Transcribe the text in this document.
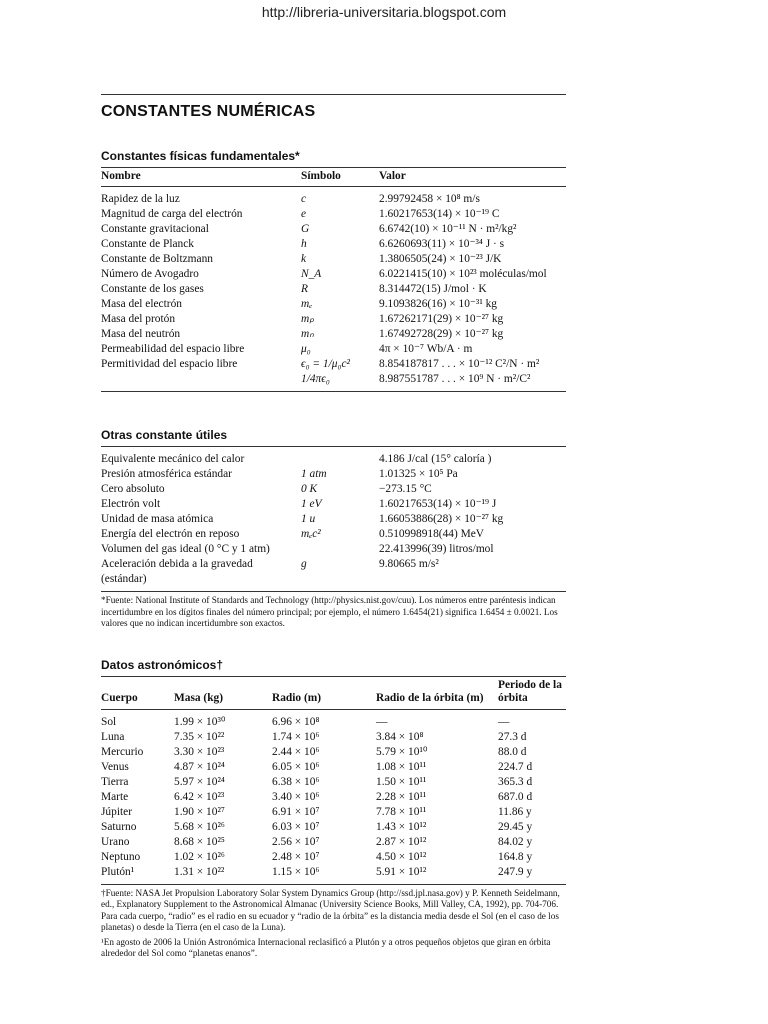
http://libreria-universitaria.blogspot.com
CONSTANTES NUMÉRICAS
Constantes físicas fundamentales*
Nombre	Símbolo	Valor
Rapidez de la luz	c	2.99792458 × 10⁸ m/s
Magnitud de carga del electrón	e	1.60217653(14) × 10⁻¹⁹ C
Constante gravitacional	G	6.6742(10) × 10⁻¹¹ N · m²/kg²
Constante de Planck	h	6.6260693(11) × 10⁻³⁴ J · s
Constante de Boltzmann	k	1.3806505(24) × 10⁻²³ J/K
Número de Avogadro	N_A	6.0221415(10) × 10²³ moléculas/mol
Constante de los gases	R	8.314472(15) J/mol · K
Masa del electrón	mₑ	9.1093826(16) × 10⁻³¹ kg
Masa del protón	mₚ	1.67262171(29) × 10⁻²⁷ kg
Masa del neutrón	mₙ	1.67492728(29) × 10⁻²⁷ kg
Permeabilidad del espacio libre	μ₀	4π × 10⁻⁷ Wb/A · m
Permitividad del espacio libre	ϵ₀ = 1/μ₀c²	8.854187817 . . . × 10⁻¹² C²/N · m²
	1/4πϵ₀	8.987551787 . . . × 10⁹ N · m²/C²
Otras constante útiles
Equivalente mecánico del calor		4.186 J/cal (15° caloría )
Presión atmosférica estándar	1 atm	1.01325 × 10⁵ Pa
Cero absoluto	0 K	−273.15 °C
Electrón volt	1 eV	1.60217653(14) × 10⁻¹⁹ J
Unidad de masa atómica	1 u	1.66053886(28) × 10⁻²⁷ kg
Energía del electrón en reposo	mₑc²	0.510998918(44) MeV
Volumen del gas ideal (0 °C y 1 atm)		22.413996(39) litros/mol
Aceleración debida a la gravedad	g	9.80665 m/s²
(estándar)		
*Fuente: National Institute of Standards and Technology (http://physics.nist.gov/cuu). Los números entre paréntesis indican incertidumbre en los dígitos finales del número principal; por ejemplo, el número 1.6454(21) significa 1.6454 ± 0.0021. Los valores que no indican incertidumbre son exactos.
Datos astronómicos†
Cuerpo	Masa (kg)	Radio (m)	Radio de la órbita (m)	Periodo de la órbita
Sol	1.99 × 10³⁰	6.96 × 10⁸	—	—
Luna	7.35 × 10²²	1.74 × 10⁶	3.84 × 10⁸	27.3 d
Mercurio	3.30 × 10²³	2.44 × 10⁶	5.79 × 10¹⁰	88.0 d
Venus	4.87 × 10²⁴	6.05 × 10⁶	1.08 × 10¹¹	224.7 d
Tierra	5.97 × 10²⁴	6.38 × 10⁶	1.50 × 10¹¹	365.3 d
Marte	6.42 × 10²³	3.40 × 10⁶	2.28 × 10¹¹	687.0 d
Júpiter	1.90 × 10²⁷	6.91 × 10⁷	7.78 × 10¹¹	11.86 y
Saturno	5.68 × 10²⁶	6.03 × 10⁷	1.43 × 10¹²	29.45 y
Urano	8.68 × 10²⁵	2.56 × 10⁷	2.87 × 10¹²	84.02 y
Neptuno	1.02 × 10²⁶	2.48 × 10⁷	4.50 × 10¹²	164.8 y
Plutón¹	1.31 × 10²²	1.15 × 10⁶	5.91 × 10¹²	247.9 y
†Fuente: NASA Jet Propulsion Laboratory Solar System Dynamics Group (http://ssd.jpl.nasa.gov) y P. Kenneth Seidelmann, ed., Explanatory Supplement to the Astronomical Almanac (University Science Books, Mill Valley, CA, 1992), pp. 704-706. Para cada cuerpo, “radio” es el radio en su ecuador y “radio de la órbita” es la distancia media desde el Sol (en el caso de los planetas) o desde la Tierra (en el caso de la Luna).
¹En agosto de 2006 la Unión Astronómica Internacional reclasificó a Plutón y a otros pequeños objetos que giran en órbita alrededor del Sol como “planetas enanos”.
